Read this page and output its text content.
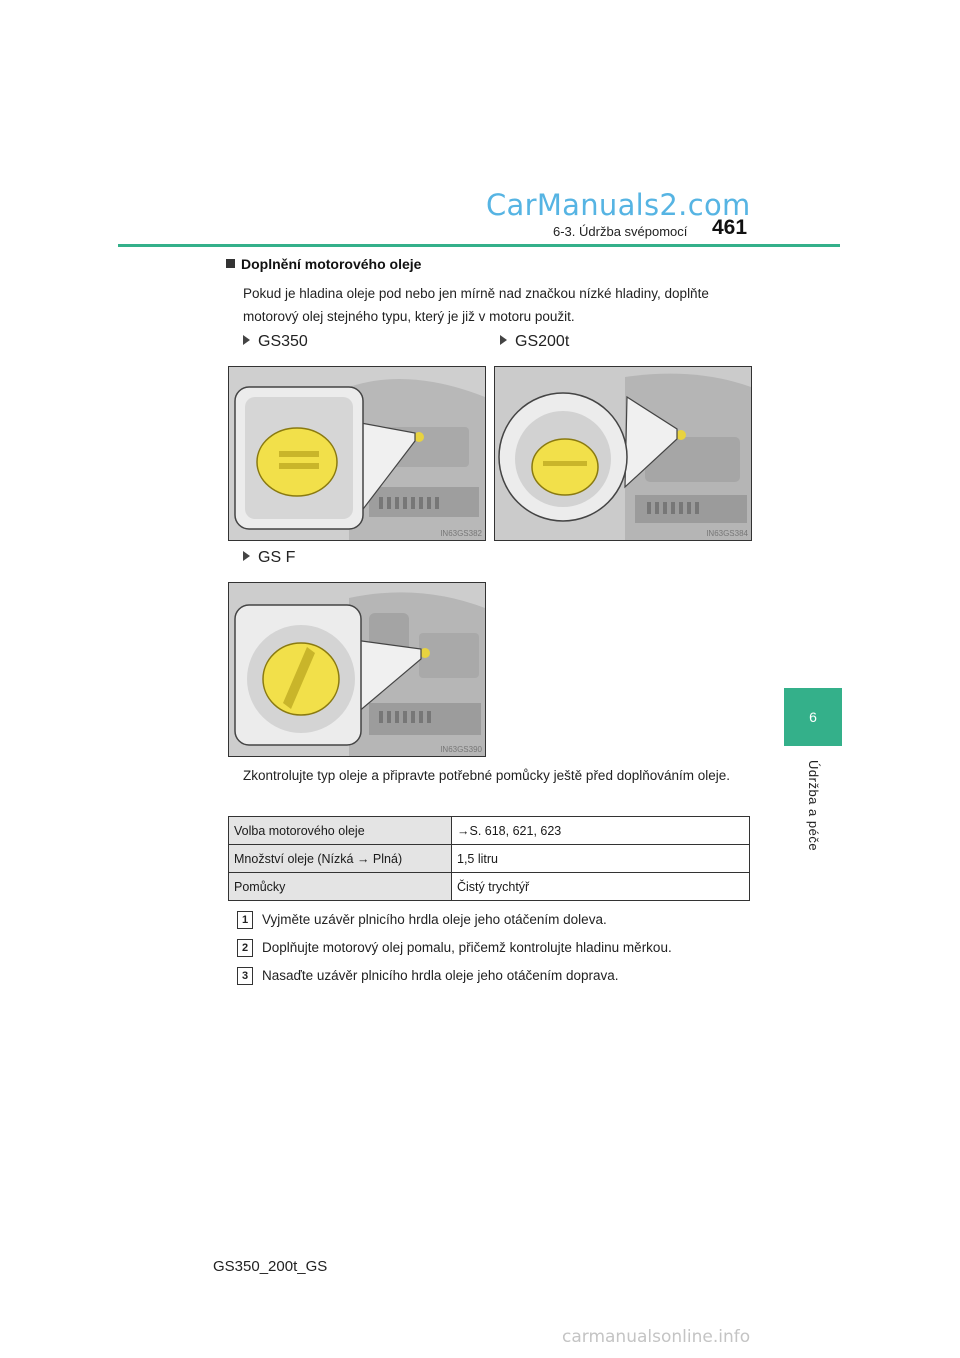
CarManuals2.com
6-3. Údržba svépomocí 461
6
Údržba a péče
Doplnění motorového oleje
Pokud je hladina oleje pod nebo jen mírně nad značkou nízké hladiny, doplňte motorový olej stejného typu, který je již v motoru použit.
GS350	GS200t
GS F
IN63GS382	IN63GS384
IN63GS390
Zkontrolujte typ oleje a připravte potřebné pomůcky ještě před doplňováním oleje.
Volba motorového oleje	→S. 618, 621, 623
Množství oleje (Nízká → Plná)	1,5 litru
Pomůcky	Čistý trychtýř
1 Vyjměte uzávěr plnicího hrdla oleje jeho otáčením doleva.
2 Doplňujte motorový olej pomalu, přičemž kontrolujte hladinu měrkou.
3 Nasaďte uzávěr plnicího hrdla oleje jeho otáčením doprava.
GS350_200t_GS
carmanualsonline.info
